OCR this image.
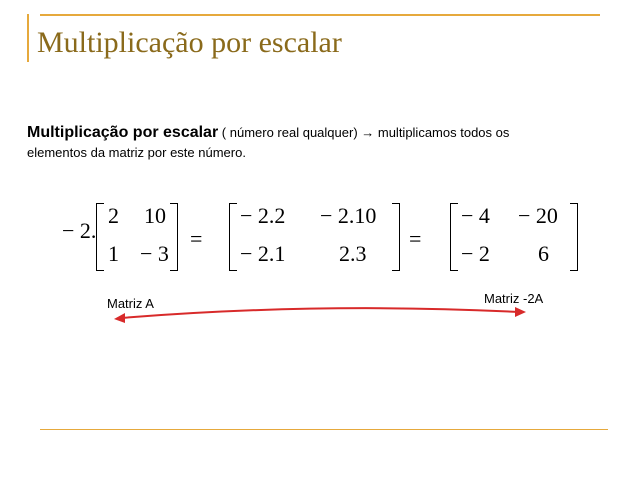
Multiplicação por escalar
Multiplicação por escalar ( número real qualquer) → multiplicamos todos os
elementos da matriz por este número.
− 2.
2 10
1 − 3
=
− 2.2 − 2.10
− 2.1 2.3
=
− 4 − 20
− 2 6
Matriz A	Matriz -2A
